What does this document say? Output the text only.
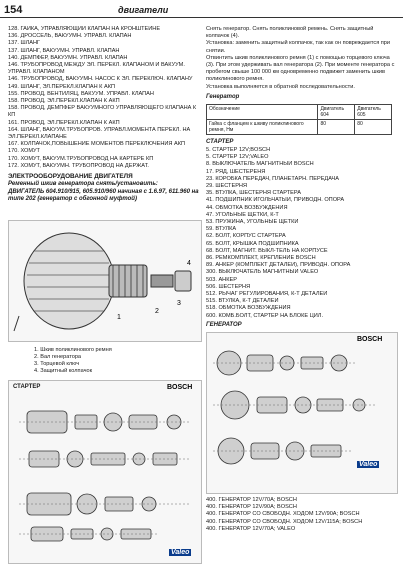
154	двигатели
128. ГАЙКА, УПРАВЛЯЮЩИЙ КЛАПАН НА КРОНШТЕЙНЕ
136. ДРОССЕЛЬ, ВАКУУМН. УПРАВЛ. КЛАПАН
137. ШЛАНГ
137. ШЛАНГ, ВАКУУМН. УПРАВЛ. КЛАПАН
140. ДЕМПФЕР, ВАКУУМН. УПРАВЛ. КЛАПАН
146. ТРУБОПРОВОД МЕЖДУ ЭЛ. ПЕРЕКЛ. КЛАПАНОМ И ВАКУУМ. УПРАВЛ. КЛАПАНОМ
146. ТРУБОПРОВОД, ВАКУУМН. НАСОС К ЭЛ. ПЕРЕКЛЮЧ. КЛАПАНУ
149. ШЛАНГ, ЭЛ.ПЕРЕКЛ.КЛАПАН К АКП
155. ПРОВОД, ВЕНТИЛЯЦ, ВАКУУМ. УПРАВЛ. КЛАПАН
158. ПРОВОД, ЭЛ.ПЕРЕКЛ.КЛАПАН К АКП
158. ПРОВОД, ДЕМПФЕР ВАКУУМНОГО УПРАВЛЯЮЩЕГО КЛАПАНА К КП
161. ПРОВОД, ЭЛ.ПЕРЕКЛ.КЛАПАН К АКП
164. ШЛАНГ, ВАКУУМ.ТРУБОПРОВ. УПРАВЛ.МОМЕНТА ПЕРЕКЛ. НА ЭЛ.ПЕРЕКЛ.КЛАПАНЕ
167. КОЛПАЧОК,ПОВЫШЕНИЕ МОМЕНТОВ ПЕРЕКЛЮЧЕНИЯ АКП
170. ХОМУТ
170. ХОМУТ, ВАКУУМ.ТРУБОПРОВОД НА КАРТЕРЕ КП
172. ХОМУТ, ВАКУУМН. ТРУБОПРОВОД НА ДЕРЖАТ.
ЭЛЕКТРООБОРУДОВАНИЕ ДВИГАТЕЛЯ
Ременный шкив генератора снять/установить:
ДВИГАТЕЛЬ 604.910/915, 605.910/960 начиная с 1.6.97, 611.960 на типе 202 (генератор с обгонной муфтой)
1
2
3
4
1. Шкив поликлинового ремня
2. Вал генератора
3. Торцевой ключ
4. Защитный колпачок
СТАРТЕР	BOSCH
Valeo
Снять генератор. Снять поликлиновой ремень. Снять защитный колпачок (4).
Установка: заменить защитный колпачок, так как он повреждается при снятии.
Отвинтить шкив поликлинового ремня (1) с помощью торцевого ключа (3). При этом удерживать вал генератора (2). При моменте генератора с пробегом свыше 100 000 км одновременно подвижет заменить шкив поликлинового ремня.
Установка выполняется в обратной последовательности.
Генератор
Обозначение	Двигатель 604	Двигатель 605
Гайка с фланцем к шкиву поликлинового ремня, Нм	80	80
СТАРТЕР
5. СТАРТЕР 12V;BOSCH
5. СТАРТЕР 12V;VALEO
8. ВЫКЛЮЧАТЕЛЬ МАГНИТНЫЙ BOSCH
17. РЯД, ШЕСТЕРЕНЯ
23. КОРОБКА ПЕРЕДАЧ, ПЛАНЕТАРН. ПЕРЕДАЧА
29. ШЕСТЕРНЯ
35. ВТУЛКА, ШЕСТЕРНЯ СТАРТЕРА
41. ПОДШИПНИК ИГОЛЬЧАТЫЙ, ПРИВОДН. ОПОРА
44. ОБМОТКА ВОЗБУЖДЕНИЯ
47. УГОЛЬНЫЕ ЩЕТКИ, К-Т
53. ПРУЖИНА, УГОЛЬНЫЕ ЩЕТКИ
59. ВТУЛКА
62. БОЛТ, КОРПУС СТАРТЕРА
65. БОЛТ, КРЫШКА ПОДШИПНИКА
68. БОЛТ, МАГНИТ. ВЫКЛ-ТЕЛЬ НА КОРПУСЕ
86. РЕМКОМПЛЕКТ, КРЕПЛЕНИЕ BOSCH
89. АНКЕР (КОМПЛЕКТ ДЕТАЛЕЙ), ПРИВОДН. ОПОРА
300. ВЫКЛЮЧАТЕЛЬ МАГНИТНЫЙ VALEO
503. АНКЕР
506. ШЕСТЕРНЯ
512. РЫЧАГ РЕГУЛИРОВАНИЯ, К-Т ДЕТАЛЕЙ
515. ВТУЛКА, К-Т ДЕТАЛЕЙ
518. ОБМОТКА ВОЗБУЖДЕНИЯ
600. КОМБ.БОЛТ, СТАРТЕР НА БЛОКЕ ЦИЛ.
ГЕНЕРАТОР
BOSCH
Valeo
400. ГЕНЕРАТОР 12V/70A; BOSCH
400. ГЕНЕРАТОР 12V/90A; BOSCH
400. ГЕНЕРАТОР СО СВОБОДН. ХОДОМ 12V/90A; BOSCH
400. ГЕНЕРАТОР СО СВОБОДН. ХОДОМ 12V/115A; BOSCH
400. ГЕНЕРАТОР 12V/70A; VALEO
